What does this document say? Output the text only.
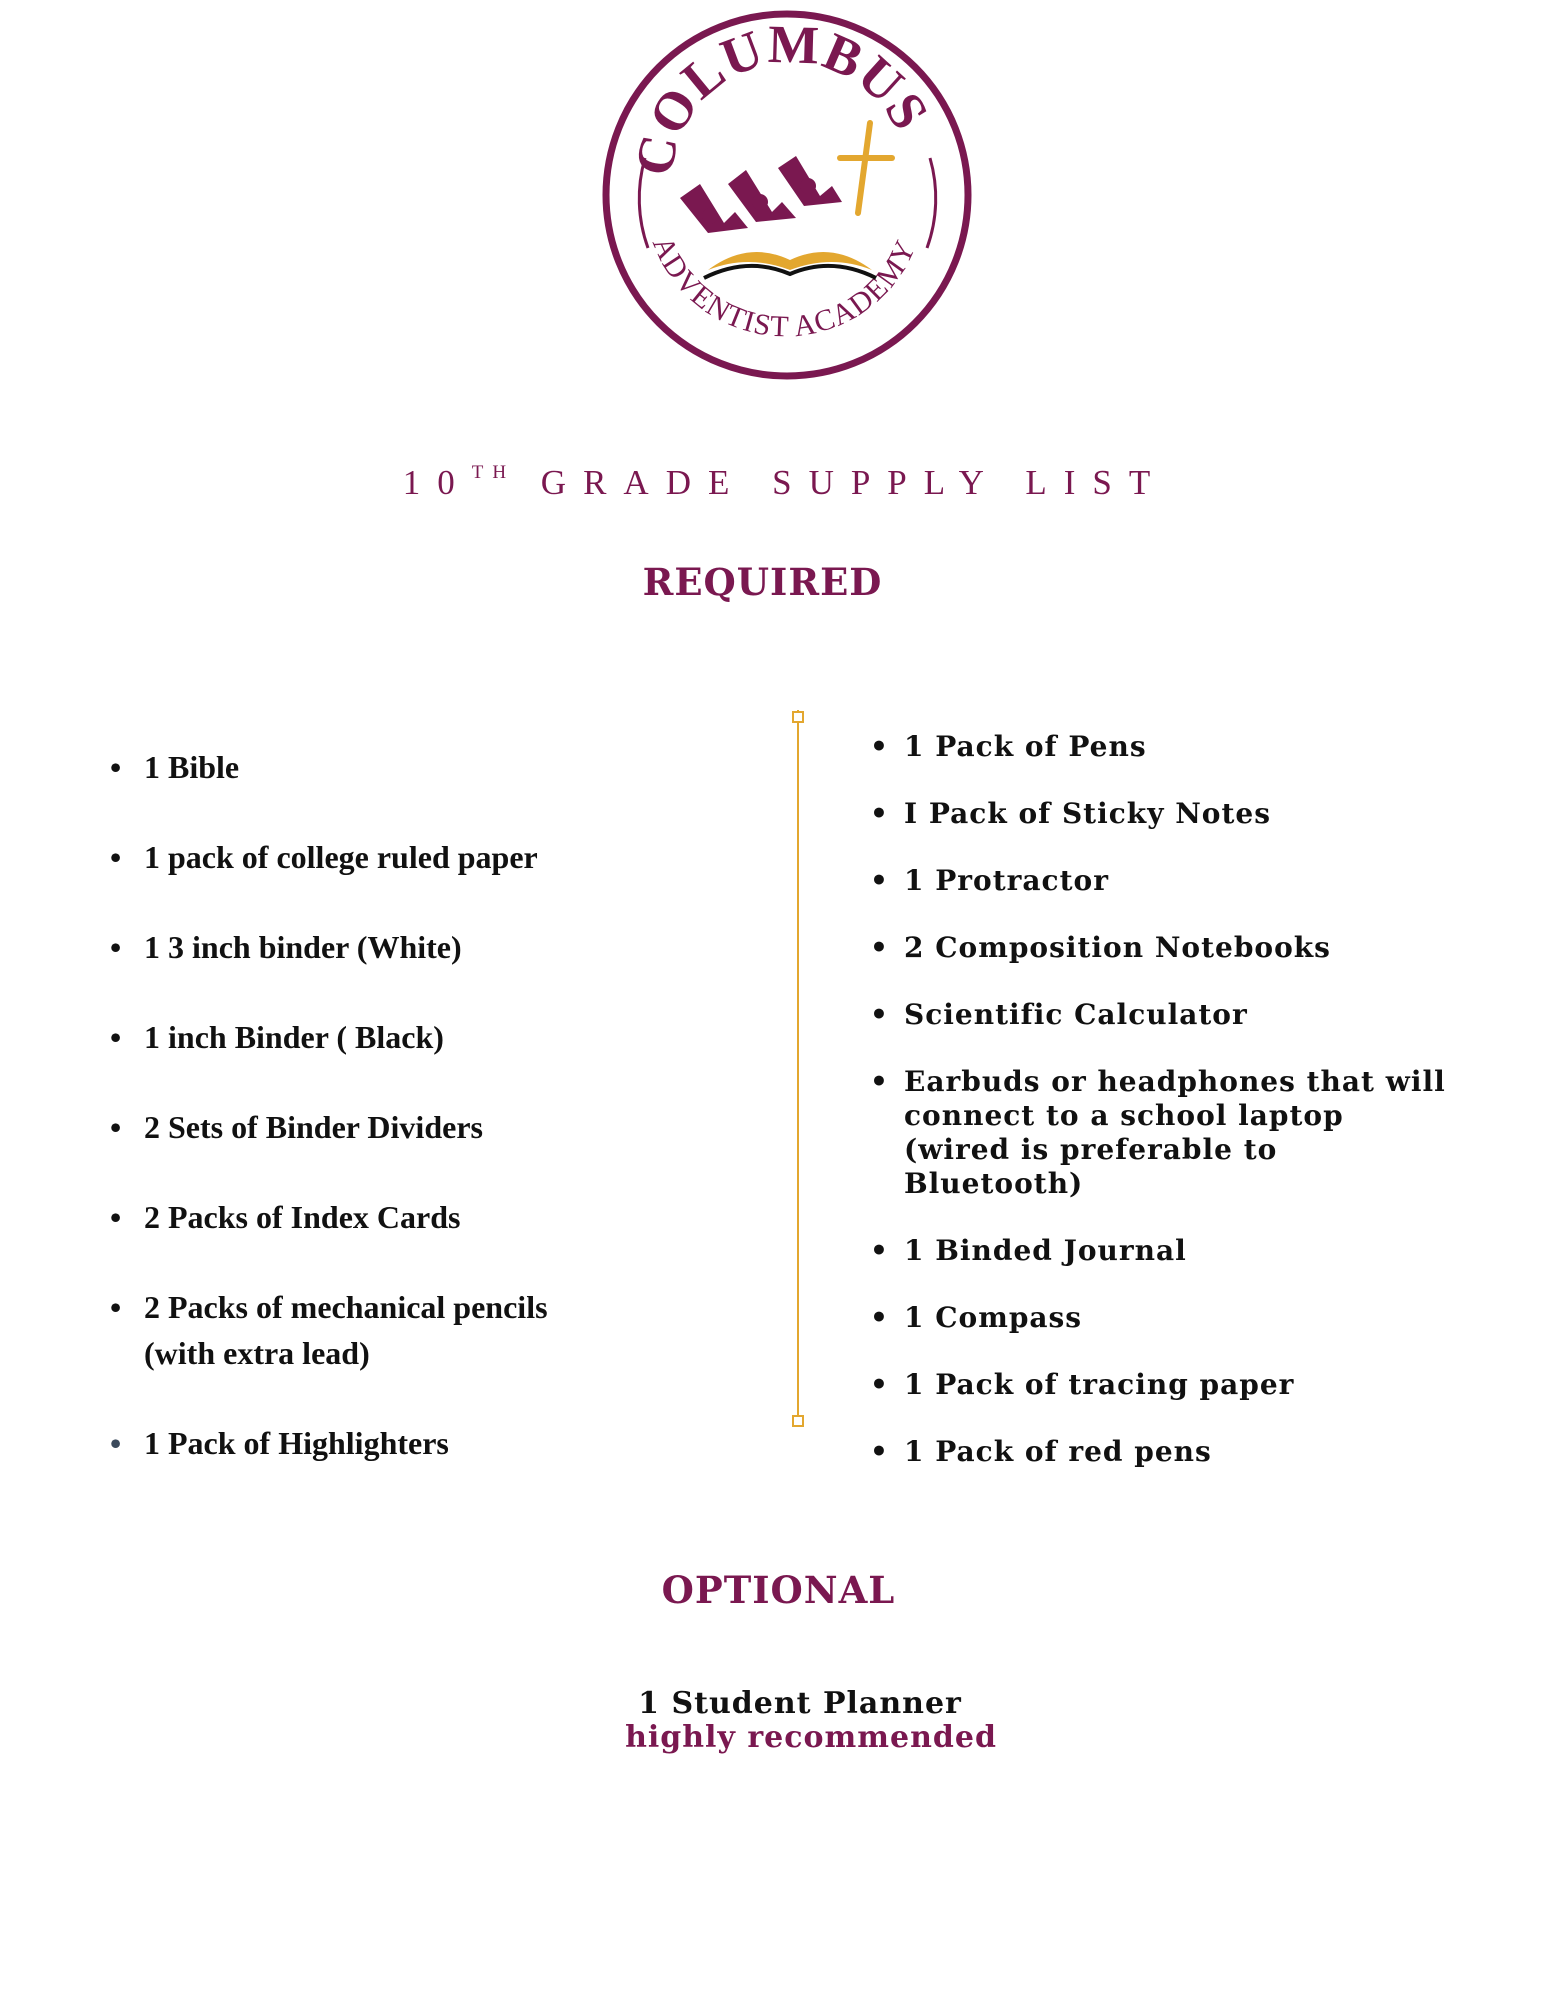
COLUMBUS
ADVENTIST ACADEMY
10TH GRADE SUPPLY LIST
REQUIRED
• 1 Bible
• 1 pack of college ruled paper
• 1 3 inch binder (White)
• 1 inch Binder ( Black)
• 2 Sets of Binder Dividers
• 2 Packs of Index Cards
• 2 Packs of mechanical pencils
(with extra lead)
• 1 Pack of Highlighters
• 1 Pack of Pens
• I Pack of Sticky Notes
• 1 Protractor
• 2 Composition Notebooks
• Scientific Calculator
• Earbuds or headphones that will
connect to a school laptop
(wired is preferable to
Bluetooth)
• 1 Binded Journal
• 1 Compass
• 1 Pack of tracing paper
• 1 Pack of red pens
OPTIONAL
1 Student Planner
highly recommended
